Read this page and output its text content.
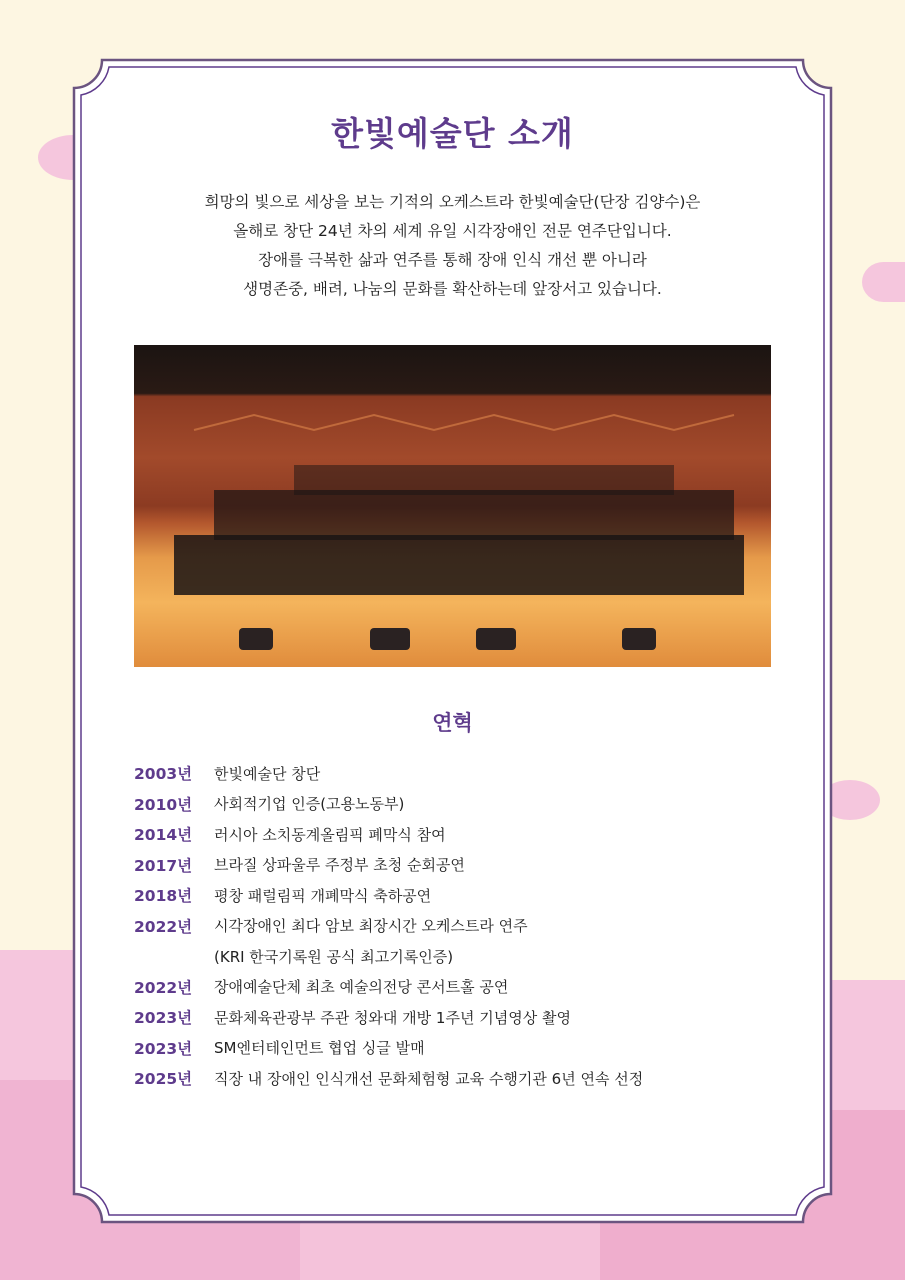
한빛예술단 소개
희망의 빛으로 세상을 보는 기적의 오케스트라 한빛예술단(단장 김양수)은
올해로 창단 24년 차의 세계 유일 시각장애인 전문 연주단입니다.
장애를 극복한 삶과 연주를 통해 장애 인식 개선 뿐 아니라
생명존중, 배려, 나눔의 문화를 확산하는데 앞장서고 있습니다.
연혁
2003년	한빛예술단 창단
2010년	사회적기업 인증(고용노동부)
2014년	러시아 소치동계올림픽 폐막식 참여
2017년	브라질 상파울루 주정부 초청 순회공연
2018년	평창 패럴림픽 개폐막식 축하공연
2022년	시각장애인 최다 암보 최장시간 오케스트라 연주
(KRI 한국기록원 공식 최고기록인증)
2022년	장애예술단체 최초 예술의전당 콘서트홀 공연
2023년	문화체육관광부 주관 청와대 개방 1주년 기념영상 촬영
2023년	SM엔터테인먼트 협업 싱글 발매
2025년	직장 내 장애인 인식개선 문화체험형 교육 수행기관 6년 연속 선정
